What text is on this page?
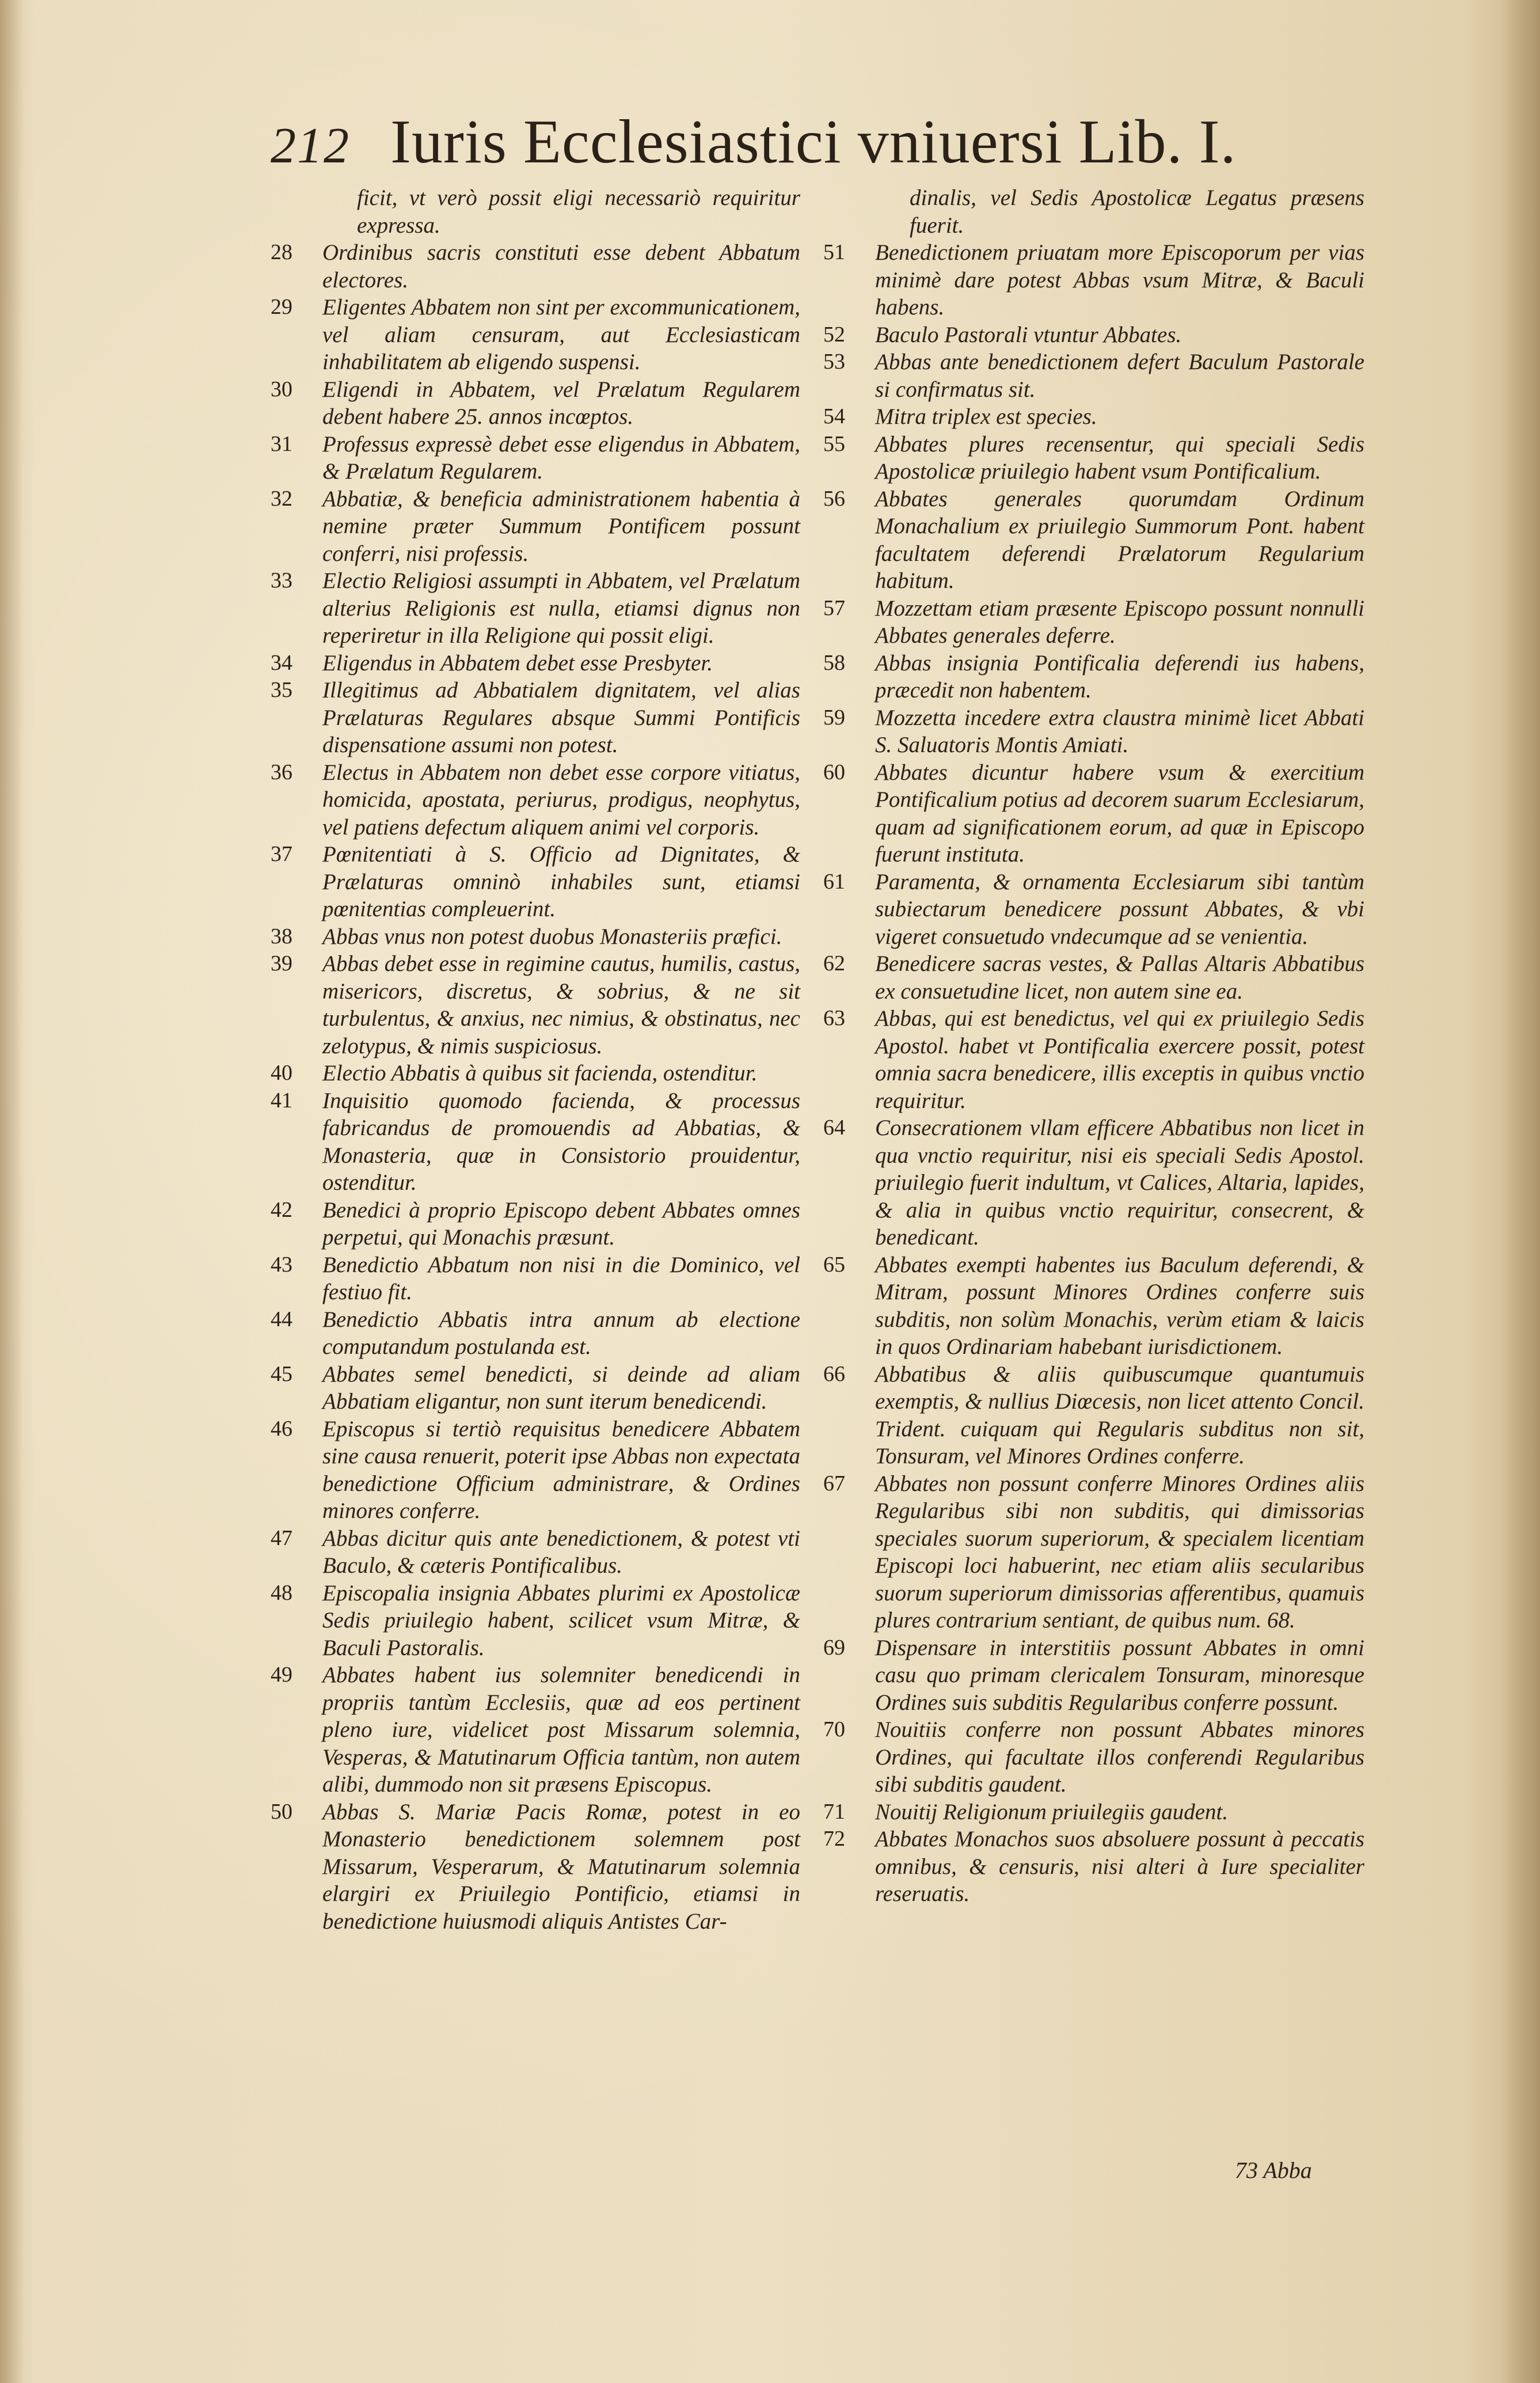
212 Iuris Ecclesiastici vniuersi Lib. I.
ficit, vt verò possit eligi necessariò requiritur expressa.
28	Ordinibus sacris constituti esse debent Abbatum electores.
29	Eligentes Abbatem non sint per excommunicationem, vel aliam censuram, aut Ecclesiasticam inhabilitatem ab eligendo suspensi.
30	Eligendi in Abbatem, vel Prælatum Regularem debent habere 25. annos incœptos.
31	Professus expressè debet esse eligendus in Abbatem, & Prælatum Regularem.
32	Abbatiæ, & beneficia administrationem habentia à nemine præter Summum Pontificem possunt conferri, nisi professis.
33	Electio Religiosi assumpti in Abbatem, vel Prælatum alterius Religionis est nulla, etiamsi dignus non reperiretur in illa Religione qui possit eligi.
34	Eligendus in Abbatem debet esse Presbyter.
35	Illegitimus ad Abbatialem dignitatem, vel alias Prælaturas Regulares absque Summi Pontificis dispensatione assumi non potest.
36	Electus in Abbatem non debet esse corpore vitiatus, homicida, apostata, periurus, prodigus, neophytus, vel patiens defectum aliquem animi vel corporis.
37	Pœnitentiati à S. Officio ad Dignitates, & Prælaturas omninò inhabiles sunt, etiamsi pœnitentias compleuerint.
38	Abbas vnus non potest duobus Monasteriis præfici.
39	Abbas debet esse in regimine cautus, humilis, castus, misericors, discretus, & sobrius, & ne sit turbulentus, & anxius, nec nimius, & obstinatus, nec zelotypus, & nimis suspiciosus.
40	Electio Abbatis à quibus sit facienda, ostenditur.
41	Inquisitio quomodo facienda, & processus fabricandus de promouendis ad Abbatias, & Monasteria, quæ in Consistorio prouidentur, ostenditur.
42	Benedici à proprio Episcopo debent Abbates omnes perpetui, qui Monachis præsunt.
43	Benedictio Abbatum non nisi in die Dominico, vel festiuo fit.
44	Benedictio Abbatis intra annum ab electione computandum postulanda est.
45	Abbates semel benedicti, si deinde ad aliam Abbatiam eligantur, non sunt iterum benedicendi.
46	Episcopus si tertiò requisitus benedicere Abbatem sine causa renuerit, poterit ipse Abbas non expectata benedictione Officium administrare, & Ordines minores conferre.
47	Abbas dicitur quis ante benedictionem, & potest vti Baculo, & cæteris Pontificalibus.
48	Episcopalia insignia Abbates plurimi ex Apostolicæ Sedis priuilegio habent, scilicet vsum Mitræ, & Baculi Pastoralis.
49	Abbates habent ius solemniter benedicendi in propriis tantùm Ecclesiis, quæ ad eos pertinent pleno iure, videlicet post Missarum solemnia, Vesperas, & Matutinarum Officia tantùm, non autem alibi, dummodo non sit præsens Episcopus.
50	Abbas S. Mariæ Pacis Romæ, potest in eo Monasterio benedictionem solemnem post Missarum, Vesperarum, & Matutinarum solemnia elargiri ex Priuilegio Pontificio, etiamsi in benedictione huiusmodi aliquis Antistes Car-
dinalis, vel Sedis Apostolicæ Legatus præsens fuerit.
51	Benedictionem priuatam more Episcoporum per vias minimè dare potest Abbas vsum Mitræ, & Baculi habens.
52	Baculo Pastorali vtuntur Abbates.
53	Abbas ante benedictionem defert Baculum Pastorale si confirmatus sit.
54	Mitra triplex est species.
55	Abbates plures recensentur, qui speciali Sedis Apostolicæ priuilegio habent vsum Pontificalium.
56	Abbates generales quorumdam Ordinum Monachalium ex priuilegio Summorum Pont. habent facultatem deferendi Prælatorum Regularium habitum.
57	Mozzettam etiam præsente Episcopo possunt nonnulli Abbates generales deferre.
58	Abbas insignia Pontificalia deferendi ius habens, præcedit non habentem.
59	Mozzetta incedere extra claustra minimè licet Abbati S. Saluatoris Montis Amiati.
60	Abbates dicuntur habere vsum & exercitium Pontificalium potius ad decorem suarum Ecclesiarum, quam ad significationem eorum, ad quæ in Episcopo fuerunt instituta.
61	Paramenta, & ornamenta Ecclesiarum sibi tantùm subiectarum benedicere possunt Abbates, & vbi vigeret consuetudo vndecumque ad se venientia.
62	Benedicere sacras vestes, & Pallas Altaris Abbatibus ex consuetudine licet, non autem sine ea.
63	Abbas, qui est benedictus, vel qui ex priuilegio Sedis Apostol. habet vt Pontificalia exercere possit, potest omnia sacra benedicere, illis exceptis in quibus vnctio requiritur.
64	Consecrationem vllam efficere Abbatibus non licet in qua vnctio requiritur, nisi eis speciali Sedis Apostol. priuilegio fuerit indultum, vt Calices, Altaria, lapides, & alia in quibus vnctio requiritur, consecrent, & benedicant.
65	Abbates exempti habentes ius Baculum deferendi, & Mitram, possunt Minores Ordines conferre suis subditis, non solùm Monachis, verùm etiam & laicis in quos Ordinariam habebant iurisdictionem.
66	Abbatibus & aliis quibuscumque quantumuis exemptis, & nullius Diœcesis, non licet attento Concil. Trident. cuiquam qui Regularis subditus non sit, Tonsuram, vel Minores Ordines conferre.
67	Abbates non possunt conferre Minores Ordines aliis Regularibus sibi non subditis, qui dimissorias speciales suorum superiorum, & specialem licentiam Episcopi loci habuerint, nec etiam aliis secularibus suorum superiorum dimissorias afferentibus, quamuis plures contrarium sentiant, de quibus num. 68.
69	Dispensare in interstitiis possunt Abbates in omni casu quo primam clericalem Tonsuram, minoresque Ordines suis subditis Regularibus conferre possunt.
70	Nouitiis conferre non possunt Abbates minores Ordines, qui facultate illos conferendi Regularibus sibi subditis gaudent.
71	Nouitij Religionum priuilegiis gaudent.
72	Abbates Monachos suos absoluere possunt à peccatis omnibus, & censuris, nisi alteri à Iure specialiter reseruatis.
73 Abba
